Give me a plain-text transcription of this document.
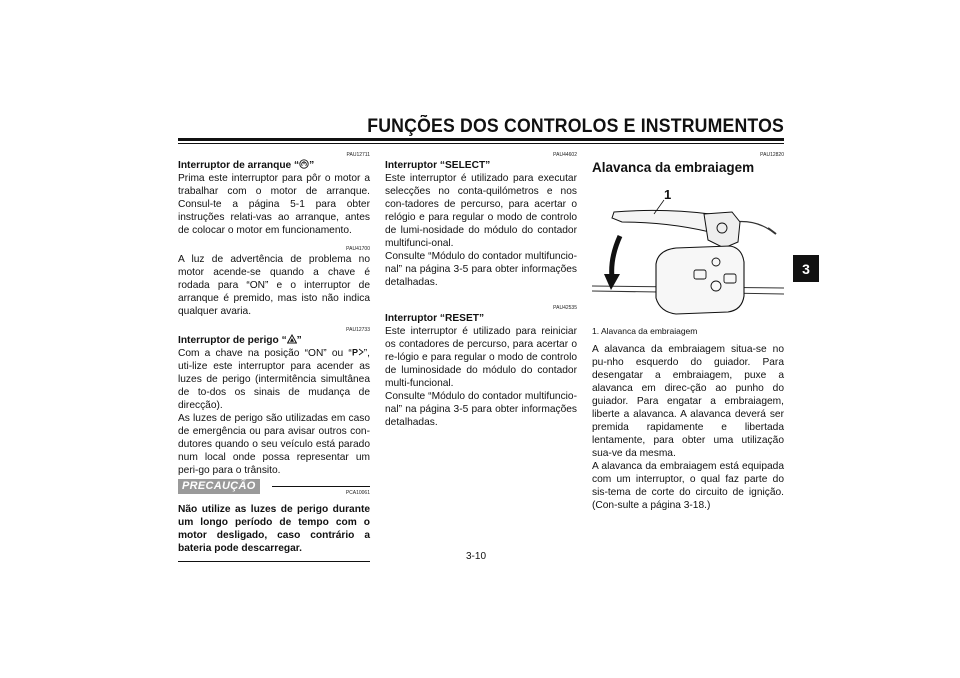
FUNÇÕES DOS CONTROLOS E INSTRUMENTOS
3
PAU12711
Interruptor de arranque “ ”

Prima este interruptor para pôr o motor a trabalhar com o motor de arranque. Consul-te a página 5-1 para obter instruções relati-vas ao arranque, antes de colocar o motor em funcionamento.

PAU41700

A luz de advertência de problema no motor acende-se quando a chave é rodada para “ON” e o interruptor de arranque é premido, mas isto não indica qualquer avaria.

PAU12733
Interruptor de perigo “ ”

Com a chave na posição “ON” ou “ P ”, uti-lize este interruptor para acender as luzes de perigo (intermitência simultânea de to-dos os sinais de mudança de direcção).

As luzes de perigo são utilizadas em caso de emergência ou para avisar outros con-dutores quando o seu veículo está parado num local onde possa representar um peri-go para o trânsito.

PRECAUÇÃO
PCA10061

Não utilize as luzes de perigo durante um longo período de tempo com o motor desligado, caso contrário a bateria pode descarregar.

PAU44602
Interruptor “SELECT”

Este interruptor é utilizado para executar selecções no conta-quilómetros e nos con-tadores de percurso, para acertar o relógio e para regular o modo de controlo de lumi-nosidade do módulo do contador multifunci-onal.

Consulte “Módulo do contador multifuncio-nal” na página 3-5 para obter informações detalhadas.

PAU42535
Interruptor “RESET”

Este interruptor é utilizado para reiniciar os contadores de percurso, para acertar o re-lógio e para regular o modo de controlo de luminosidade do módulo do contador multi-funcional.

Consulte “Módulo do contador multifuncio-nal” na página 3-5 para obter informações detalhadas.

PAU12820
Alavanca da embraiagem
1
1. Alavanca da embraiagem

A alavanca da embraiagem situa-se no pu-nho esquerdo do guiador. Para desengatar a embraiagem, puxe a alavanca em direc-ção ao punho do guiador. Para engatar a embraiagem, liberte a alavanca. A alavanca deverá ser premida rapidamente e libertada lentamente, para obter uma utilização sua-ve da mesma.

A alavanca da embraiagem está equipada com um interruptor, o qual faz parte do sis-tema de corte do circuito de ignição. (Con-sulte a página 3-18.)

3-10
